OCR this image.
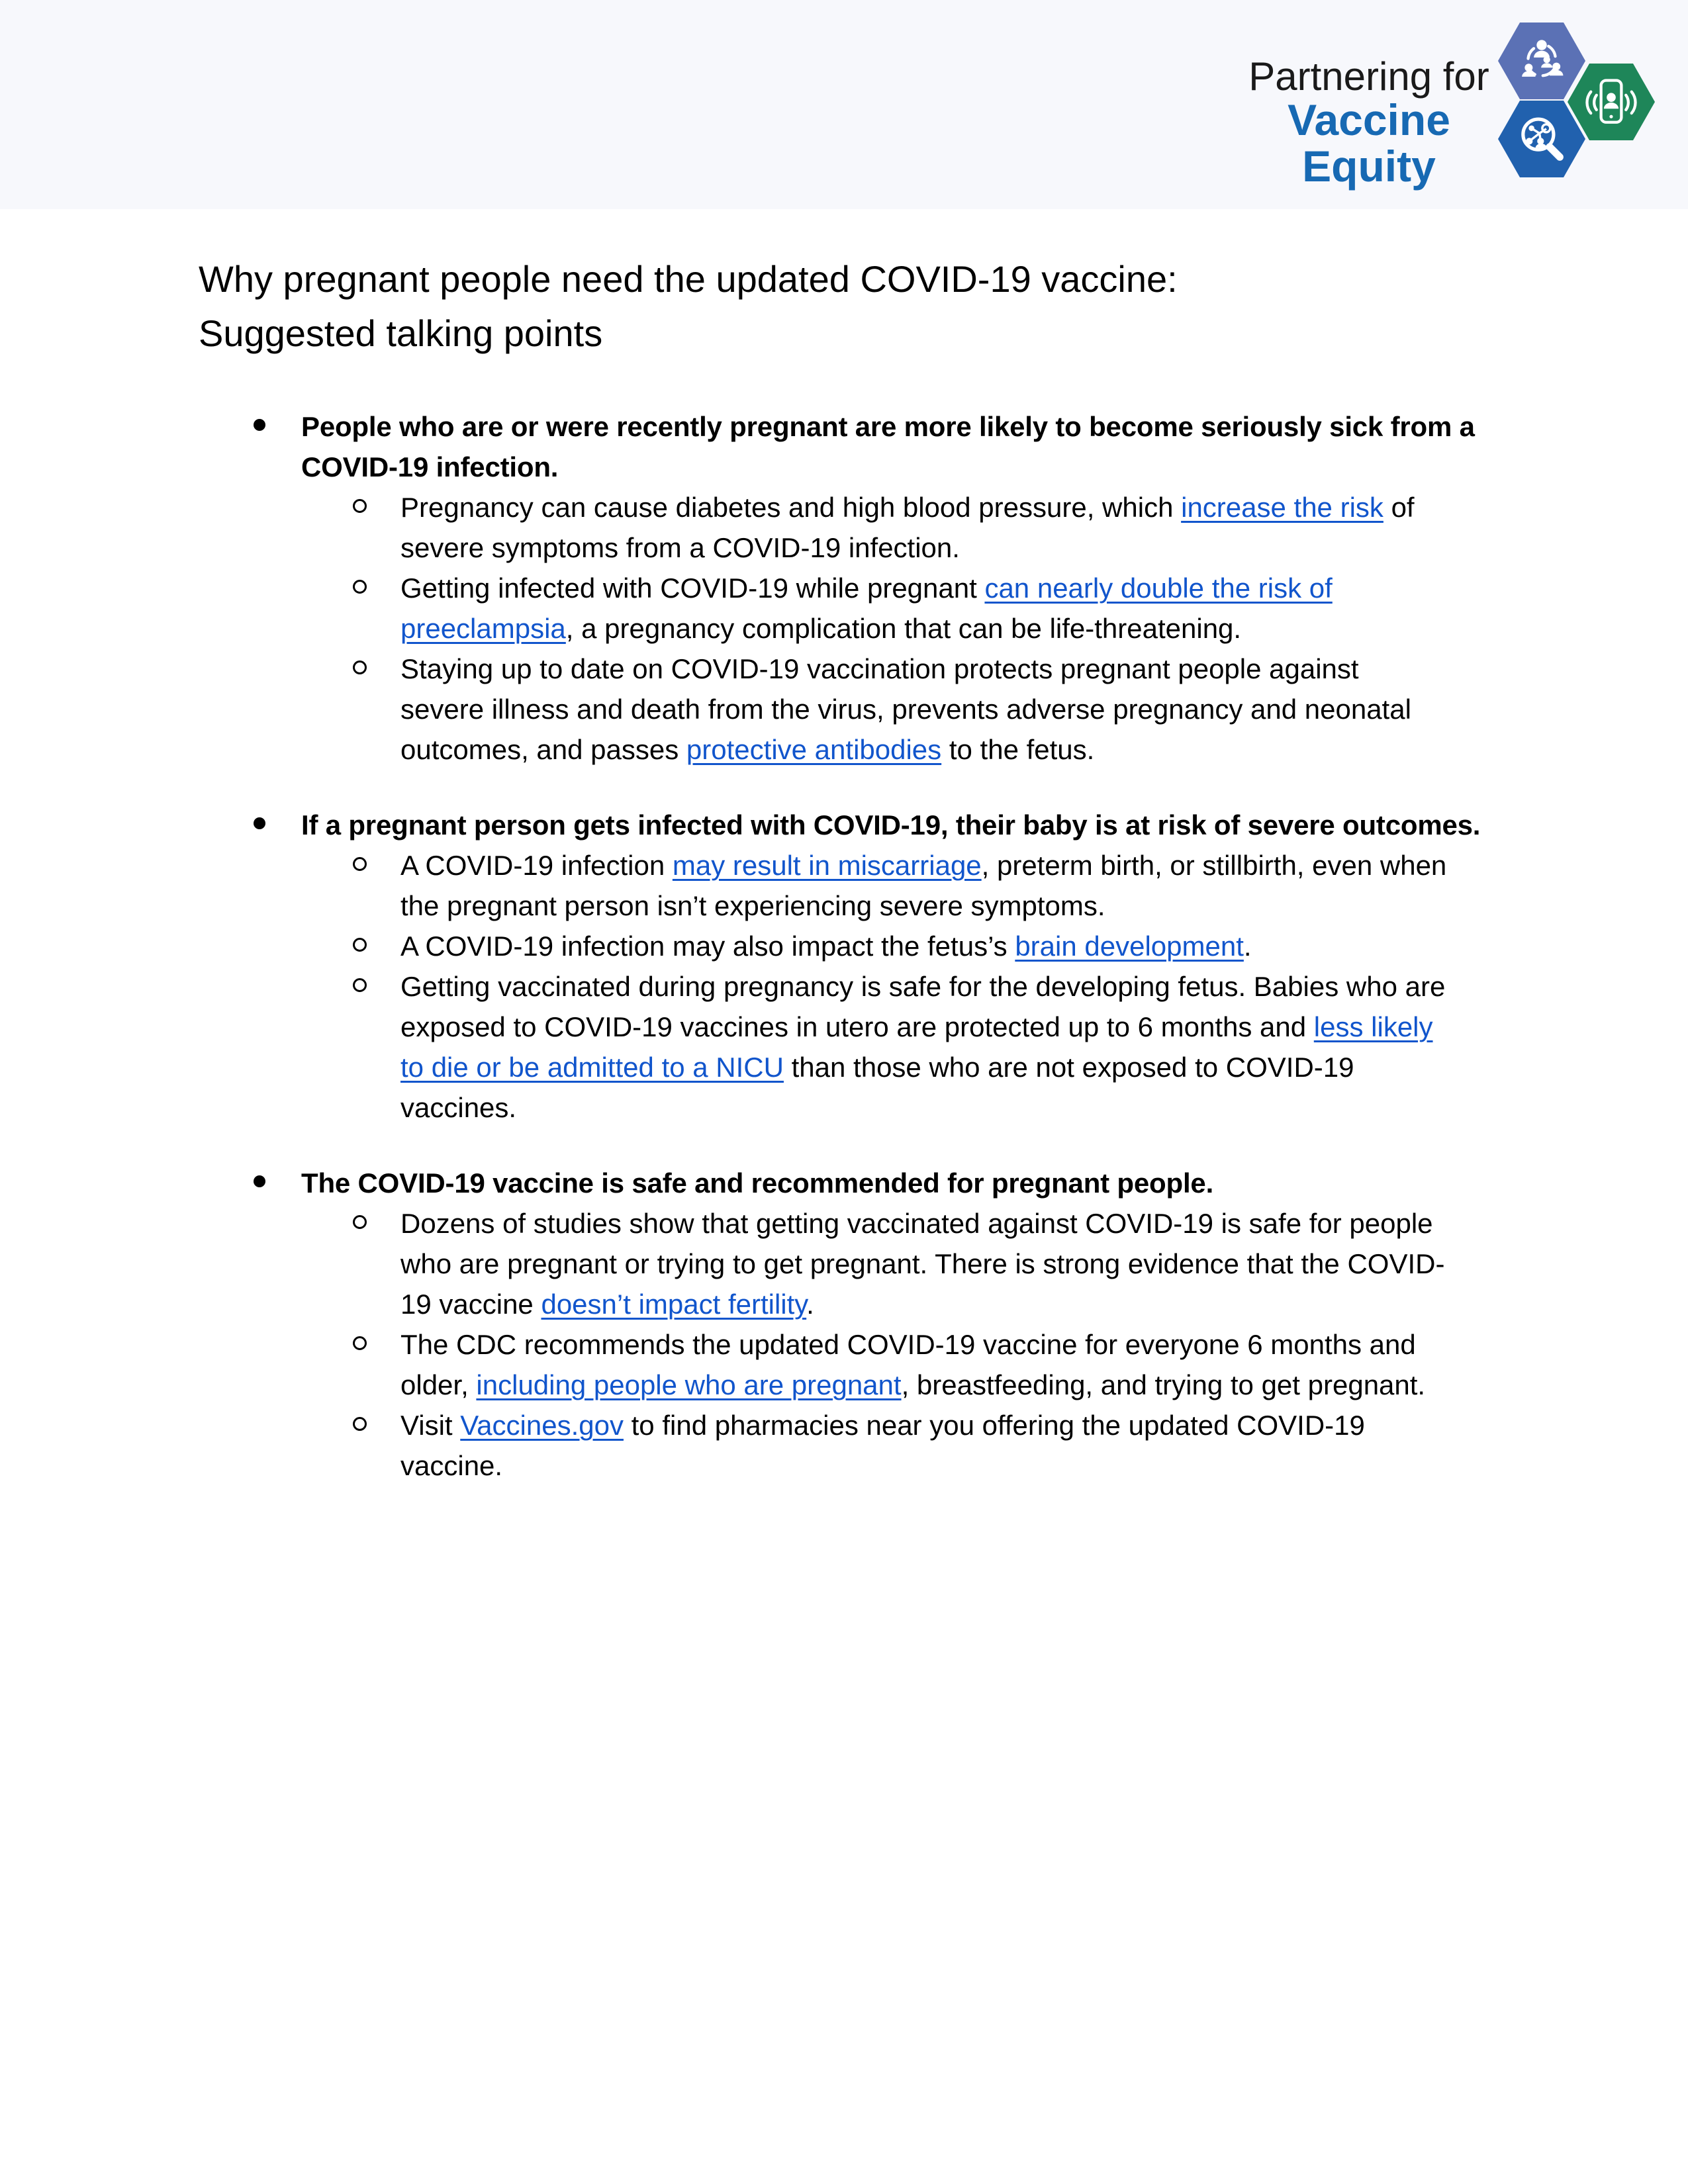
Partnering for
Vaccine Equity
Why pregnant people need the updated COVID-19 vaccine:
Suggested talking points
People who are or were recently pregnant are more likely to become seriously sick from a COVID-19 infection.
Pregnancy can cause diabetes and high blood pressure, which increase the risk of severe symptoms from a COVID-19 infection.
Getting infected with COVID-19 while pregnant can nearly double the risk of preeclampsia, a pregnancy complication that can be life-threatening.
Staying up to date on COVID-19 vaccination protects pregnant people against severe illness and death from the virus, prevents adverse pregnancy and neonatal outcomes, and passes protective antibodies to the fetus.
If a pregnant person gets infected with COVID-19, their baby is at risk of severe outcomes.
A COVID-19 infection may result in miscarriage, preterm birth, or stillbirth, even when the pregnant person isn’t experiencing severe symptoms.
A COVID-19 infection may also impact the fetus’s brain development.
Getting vaccinated during pregnancy is safe for the developing fetus. Babies who are exposed to COVID-19 vaccines in utero are protected up to 6 months and less likely to die or be admitted to a NICU than those who are not exposed to COVID-19 vaccines.
The COVID-19 vaccine is safe and recommended for pregnant people.
Dozens of studies show that getting vaccinated against COVID-19 is safe for people who are pregnant or trying to get pregnant. There is strong evidence that the COVID-19 vaccine doesn’t impact fertility.
The CDC recommends the updated COVID-19 vaccine for everyone 6 months and older, including people who are pregnant, breastfeeding, and trying to get pregnant.
Visit Vaccines.gov to find pharmacies near you offering the updated COVID-19 vaccine.
